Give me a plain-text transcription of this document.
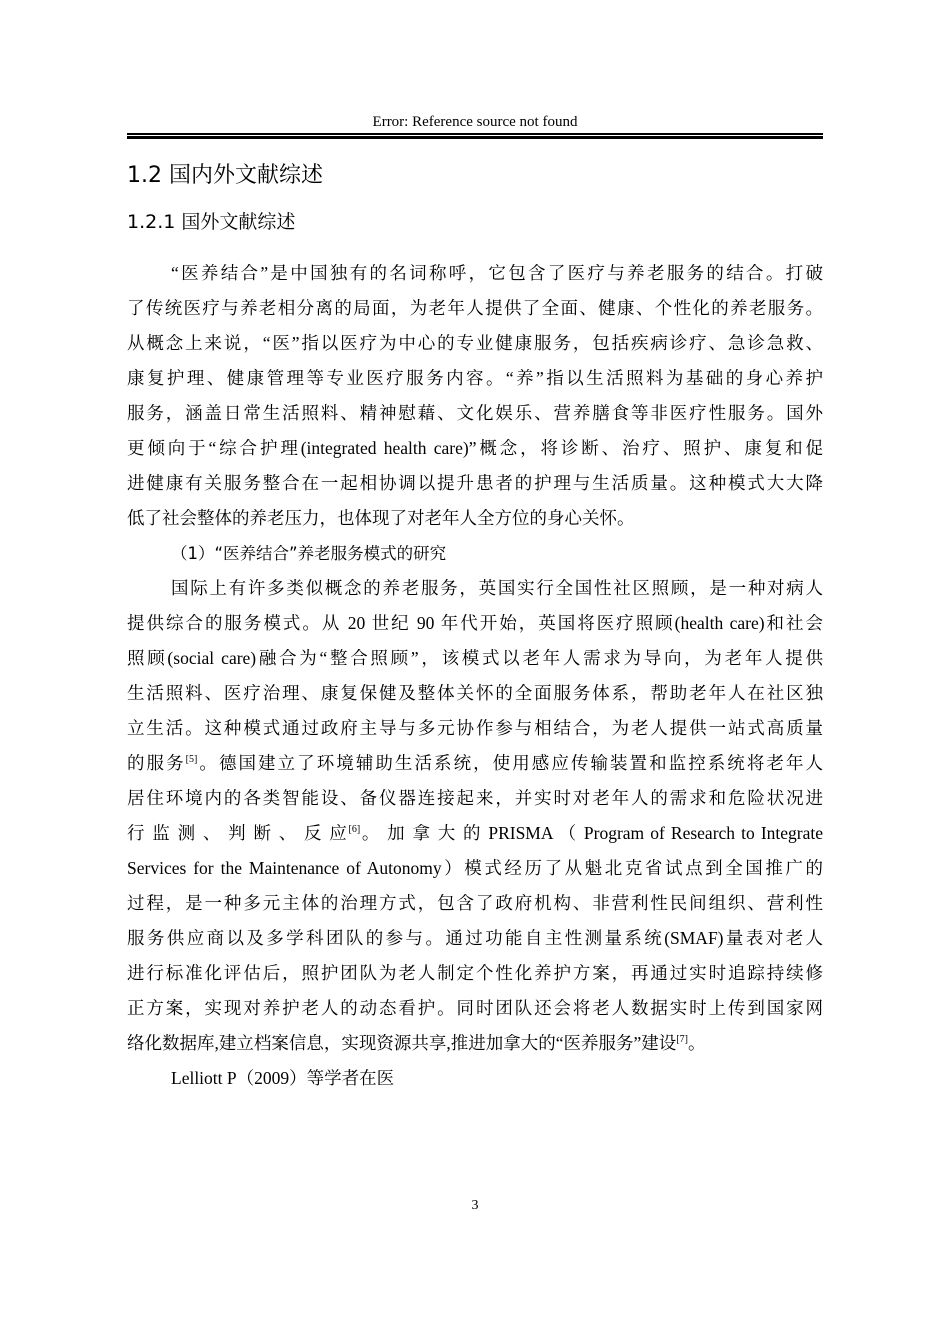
Error: Reference source not found
1.2 国内外文献综述
1.2.1 国外文献综述
“医养结合”是中国独有的名词称呼，它包含了医疗与养老服务的结合。打破
了传统医疗与养老相分离的局面，为老年人提供了全面、健康、个性化的养老服务。
从概念上来说，“医”指以医疗为中心的专业健康服务，包括疾病诊疗、急诊急救、
康复护理、健康管理等专业医疗服务内容。“养”指以生活照料为基础的身心养护
服务，涵盖日常生活照料、精神慰藉、文化娱乐、营养膳食等非医疗性服务。国外
更倾向于“综合护理(integrated health care)”概念，将诊断、治疗、照护、康复和促
进健康有关服务整合在一起相协调以提升患者的护理与生活质量。这种模式大大降
低了社会整体的养老压力，也体现了对老年人全方位的身心关怀。
（1）“医养结合”养老服务模式的研究
国际上有许多类似概念的养老服务，英国实行全国性社区照顾，是一种对病人
提供综合的服务模式。从 20 世纪 90 年代开始，英国将医疗照顾(health care)和社会
照顾(social care)融合为“整合照顾”，该模式以老年人需求为导向，为老年人提供
生活照料、医疗治理、康复保健及整体关怀的全面服务体系，帮助老年人在社区独
立生活。这种模式通过政府主导与多元协作参与相结合，为老人提供一站式高质量
的服务[5]。德国建立了环境辅助生活系统，使用感应传输装置和监控系统将老年人
居住环境内的各类智能设、备仪器连接起来，并实时对老年人的需求和危险状况进
行 监 测 、 判 断 、 反 应[6]。 加 拿 大 的 PRISMA （ Program of Research to Integrate
Services for the Maintenance of Autonomy）模式经历了从魁北克省试点到全国推广的
过程，是一种多元主体的治理方式，包含了政府机构、非营利性民间组织、营利性
服务供应商以及多学科团队的参与。通过功能自主性测量系统(SMAF)量表对老人
进行标准化评估后，照护团队为老人制定个性化养护方案，再通过实时追踪持续修
正方案，实现对养护老人的动态看护。同时团队还会将老人数据实时上传到国家网
络化数据库,建立档案信息，实现资源共享,推进加拿大的“医养服务”建设[7]。
Lelliott P（2009）等学者在医
3
